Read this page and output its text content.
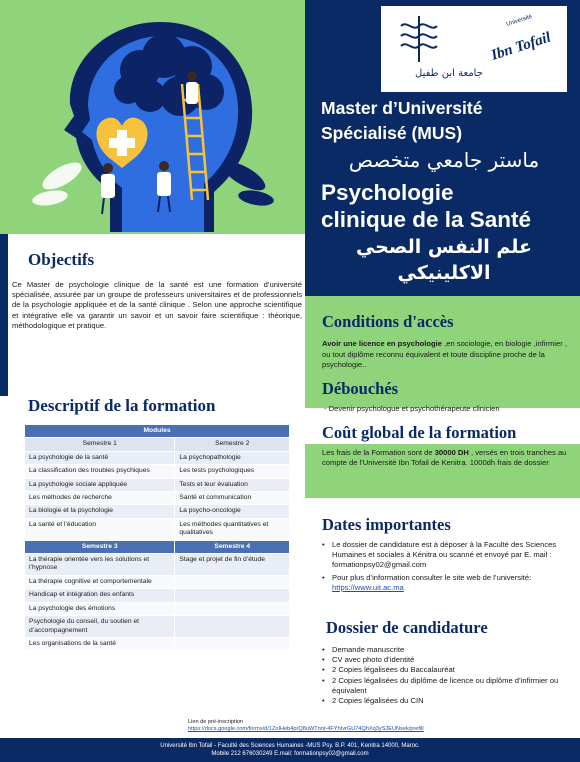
جامعة ابن طفيل
Ibn Tofail
Université
Master d’Université
Spécialisé (MUS)
ماستر جامعي متخصص
Psychologie
clinique de la Santé
علم النفس الصحي الاكلينيكي
Objectifs
Ce Master de psychologie clinique de la santé est une formation d’université spécialisée, assurée par un groupe de professeurs universitaires et de professionnels de la psychologie appliquée et de la santé clinique . Selon une approche scientifique et intégrative elle va garantir un savoir et un savoir faire scientifique : théorique, méthodologique et pratique.	Conditions d'accès
Avoir une licence en psychologie ,en sociologie, en biologie ,infirmier , ou tout diplôme reconnu équivalent et toute discipline proche de la psychologie..
Débouchés
- Devenir psychologue et psychothérapeute clinicien
Descriptif de la formation
Modules	
Semestre 1	Semestre 2
La psychologie de la santé	La psychopathologie
La classification des troubles psychiques	Les tests psychologiques
La psychologie sociale appliquée	Tests et leur évaluation
Les méthodes de recherche	Santé et communication
La biologie et la psychologie	La psycho-oncologie
La santé et l’éducation	Les méthodes quantitatives et qualitatives
Semestre 3	Semestre 4
La thérapie orientée vers les solutions et l’hypnose	Stage et projet de fin d’étude
La thérapie cognitive et comportementale	
Handicap et intégration des enfants	
La psychologie des émotions	
Psychologie du conseil, du soutien et d’accompagnement	
Les organisations de la santé	
Coût global de la formation
Les frais de la Formation sont de 30000 DH , versés en trois tranches au compte de l'Université Ibn Tofail de Kenitra. 1000dh frais de dossier
Dates importantes
• Le dossier de candidature est à déposer à la Faculté des Sciences Humaines et sociales à Kénitra ou scanné et envoyé par E. mail : formationpsy02@gmail.com
• Pour plus d’information consulter le site web de l’université: https://www.uit.ac.ma
Dossier de candidature
• Demande manuscrite
• CV avec photo d’identité
• 2 Copies légalisées du Baccalauréat
• 2 Copies légalisées du diplôme de licence ou diplôme d’infirmier ou équivalent
• 2 Copies légalisées du CIN
Lien de pré-inscription
https://docs.google.com/forms/d/1ZoIHeb4prQ8uWTnnt-4FYhIvrGU74QhXq3ySJEUNsek/prefill
Université Ibn Tofail - Faculté des Sciences Humaines -MUS Psy. B.P. 401, Kenitra 14000, Maroc.
Mobile 212 676030249 E.mail: formationpsy02@gmail.com
